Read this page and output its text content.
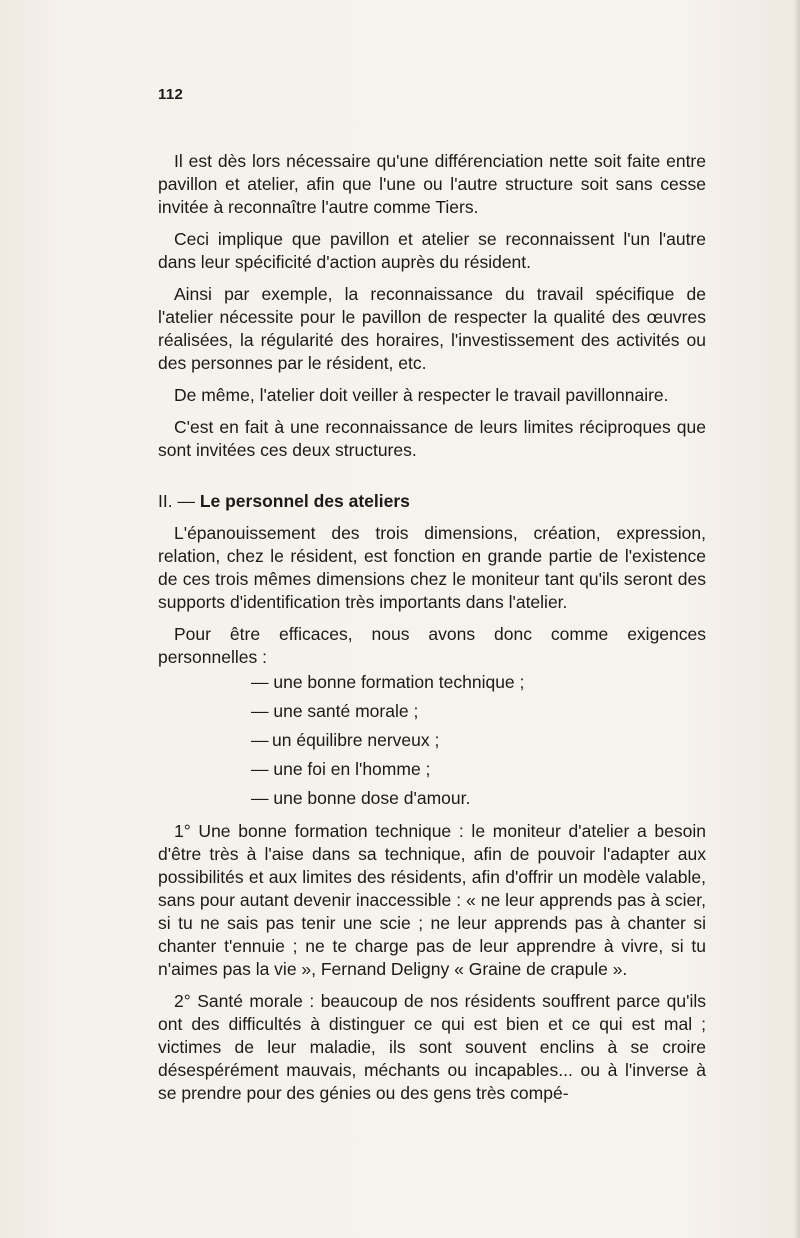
112

Il est dès lors nécessaire qu'une différenciation nette soit faite entre pavillon et atelier, afin que l'une ou l'autre structure soit sans cesse invitée à reconnaître l'autre comme Tiers.

Ceci implique que pavillon et atelier se reconnaissent l'un l'autre dans leur spécificité d'action auprès du résident.

Ainsi par exemple, la reconnaissance du travail spécifique de l'atelier nécessite pour le pavillon de respecter la qualité des œuvres réalisées, la régularité des horaires, l'investissement des activités ou des personnes par le résident, etc.

De même, l'atelier doit veiller à respecter le travail pavillonnaire.

C'est en fait à une reconnaissance de leurs limites réciproques que sont invitées ces deux structures.

II. — Le personnel des ateliers

L'épanouissement des trois dimensions, création, expression, relation, chez le résident, est fonction en grande partie de l'existence de ces trois mêmes dimensions chez le moniteur tant qu'ils seront des supports d'identification très importants dans l'atelier.

Pour être efficaces, nous avons donc comme exigences personnelles :

— une bonne formation technique ;
— une santé morale ;
— un équilibre nerveux ;
— une foi en l'homme ;
— une bonne dose d'amour.

1° Une bonne formation technique : le moniteur d'atelier a besoin d'être très à l'aise dans sa technique, afin de pouvoir l'adapter aux possibilités et aux limites des résidents, afin d'offrir un modèle valable, sans pour autant devenir inaccessible : « ne leur apprends pas à scier, si tu ne sais pas tenir une scie ; ne leur apprends pas à chanter si chanter t'ennuie ; ne te charge pas de leur apprendre à vivre, si tu n'aimes pas la vie », Fernand Deligny « Graine de crapule ».

2° Santé morale : beaucoup de nos résidents souffrent parce qu'ils ont des difficultés à distinguer ce qui est bien et ce qui est mal ; victimes de leur maladie, ils sont souvent enclins à se croire désespérément mauvais, méchants ou incapables... ou à l'inverse à se prendre pour des génies ou des gens très compé-
